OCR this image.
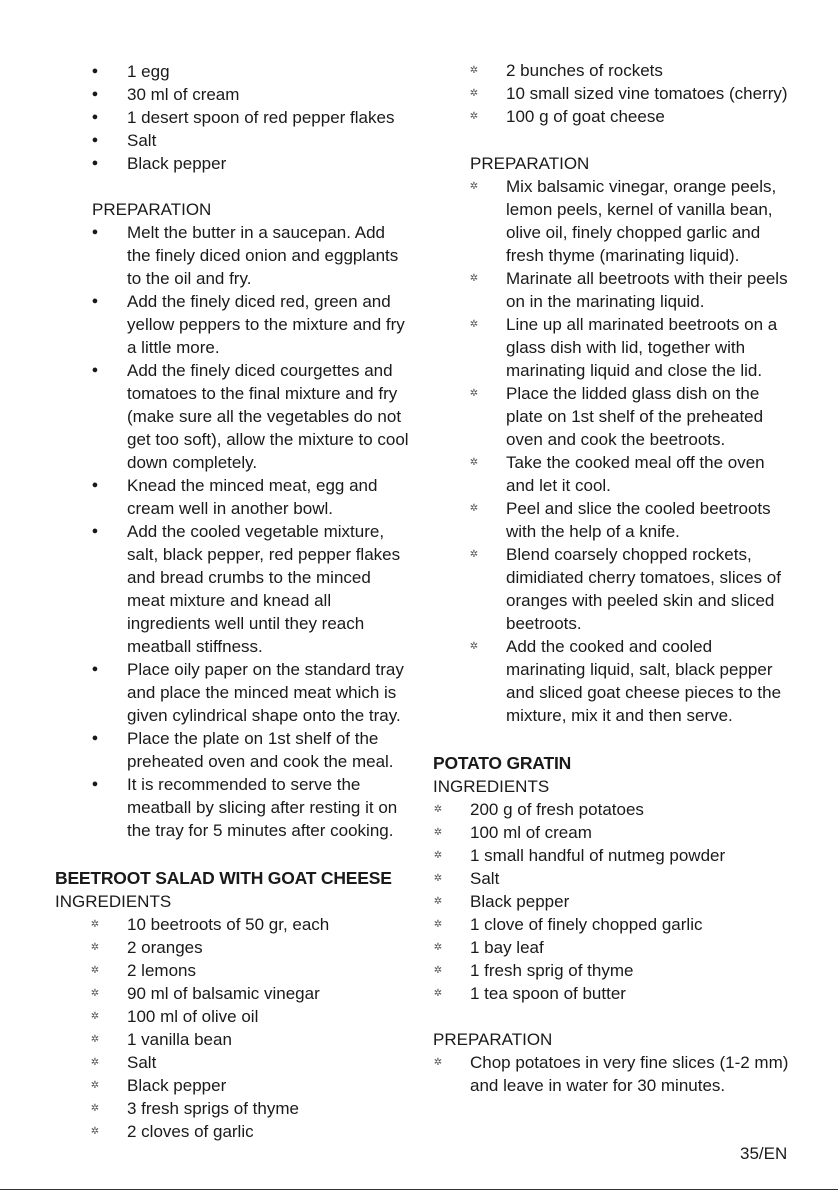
● 1 egg
● 30 ml of cream
● 1 desert spoon of red pepper flakes
● Salt
● Black pepper
PREPARATION
● Melt the butter in a saucepan. Add the finely diced onion and eggplants to the oil and fry.
● Add the finely diced red, green and yellow peppers to the mixture and fry a little more.
● Add the finely diced courgettes and tomatoes to the final mixture and fry (make sure all the vegetables do not get too soft), allow the mixture to cool down completely.
● Knead the minced meat, egg and cream well in another bowl.
● Add the cooled vegetable mixture, salt, black pepper, red pepper flakes and bread crumbs to the minced meat mixture and knead all ingredients well until they reach meatball stiffness.
● Place oily paper on the standard tray and place the minced meat which is given cylindrical shape onto the tray.
● Place the plate on 1st shelf of the preheated oven and cook the meal.
● It is recommended to serve the meatball by slicing after resting it on the tray for 5 minutes after cooking.
BEETROOT SALAD WITH GOAT CHEESE
INGREDIENTS
✲ 10 beetroots of 50 gr, each
✲ 2 oranges
✲ 2 lemons
✲ 90 ml of balsamic vinegar
✲ 100 ml of olive oil
✲ 1 vanilla bean
✲ Salt
✲ Black pepper
✲ 3 fresh sprigs of thyme
✲ 2 cloves of garlic
✲ 2 bunches of rockets
✲ 10 small sized vine tomatoes (cherry)
✲ 100 g of goat cheese
PREPARATION
✲ Mix balsamic vinegar, orange peels, lemon peels, kernel of vanilla bean, olive oil, finely chopped garlic and fresh thyme (marinating liquid).
✲ Marinate all beetroots with their peels on in the marinating liquid.
✲ Line up all marinated beetroots on a glass dish with lid, together with marinating liquid and close the lid.
✲ Place the lidded glass dish on the plate on 1st shelf of the preheated oven and cook the beetroots.
✲ Take the cooked meal off the oven and let it cool.
✲ Peel and slice the cooled beetroots with the help of a knife.
✲ Blend coarsely chopped rockets, dimidiated cherry tomatoes, slices of oranges with peeled skin and sliced beetroots.
✲ Add the cooked and cooled marinating liquid, salt, black pepper and sliced goat cheese pieces to the mixture, mix it and then serve.
POTATO GRATIN
INGREDIENTS
✲ 200 g of fresh potatoes
✲ 100 ml of cream
✲ 1 small handful of nutmeg powder
✲ Salt
✲ Black pepper
✲ 1 clove of finely chopped garlic
✲ 1 bay leaf
✲ 1 fresh sprig of thyme
✲ 1 tea spoon of butter
PREPARATION
✲ Chop potatoes in very fine slices (1-2 mm) and leave in water for 30 minutes.
35/EN
